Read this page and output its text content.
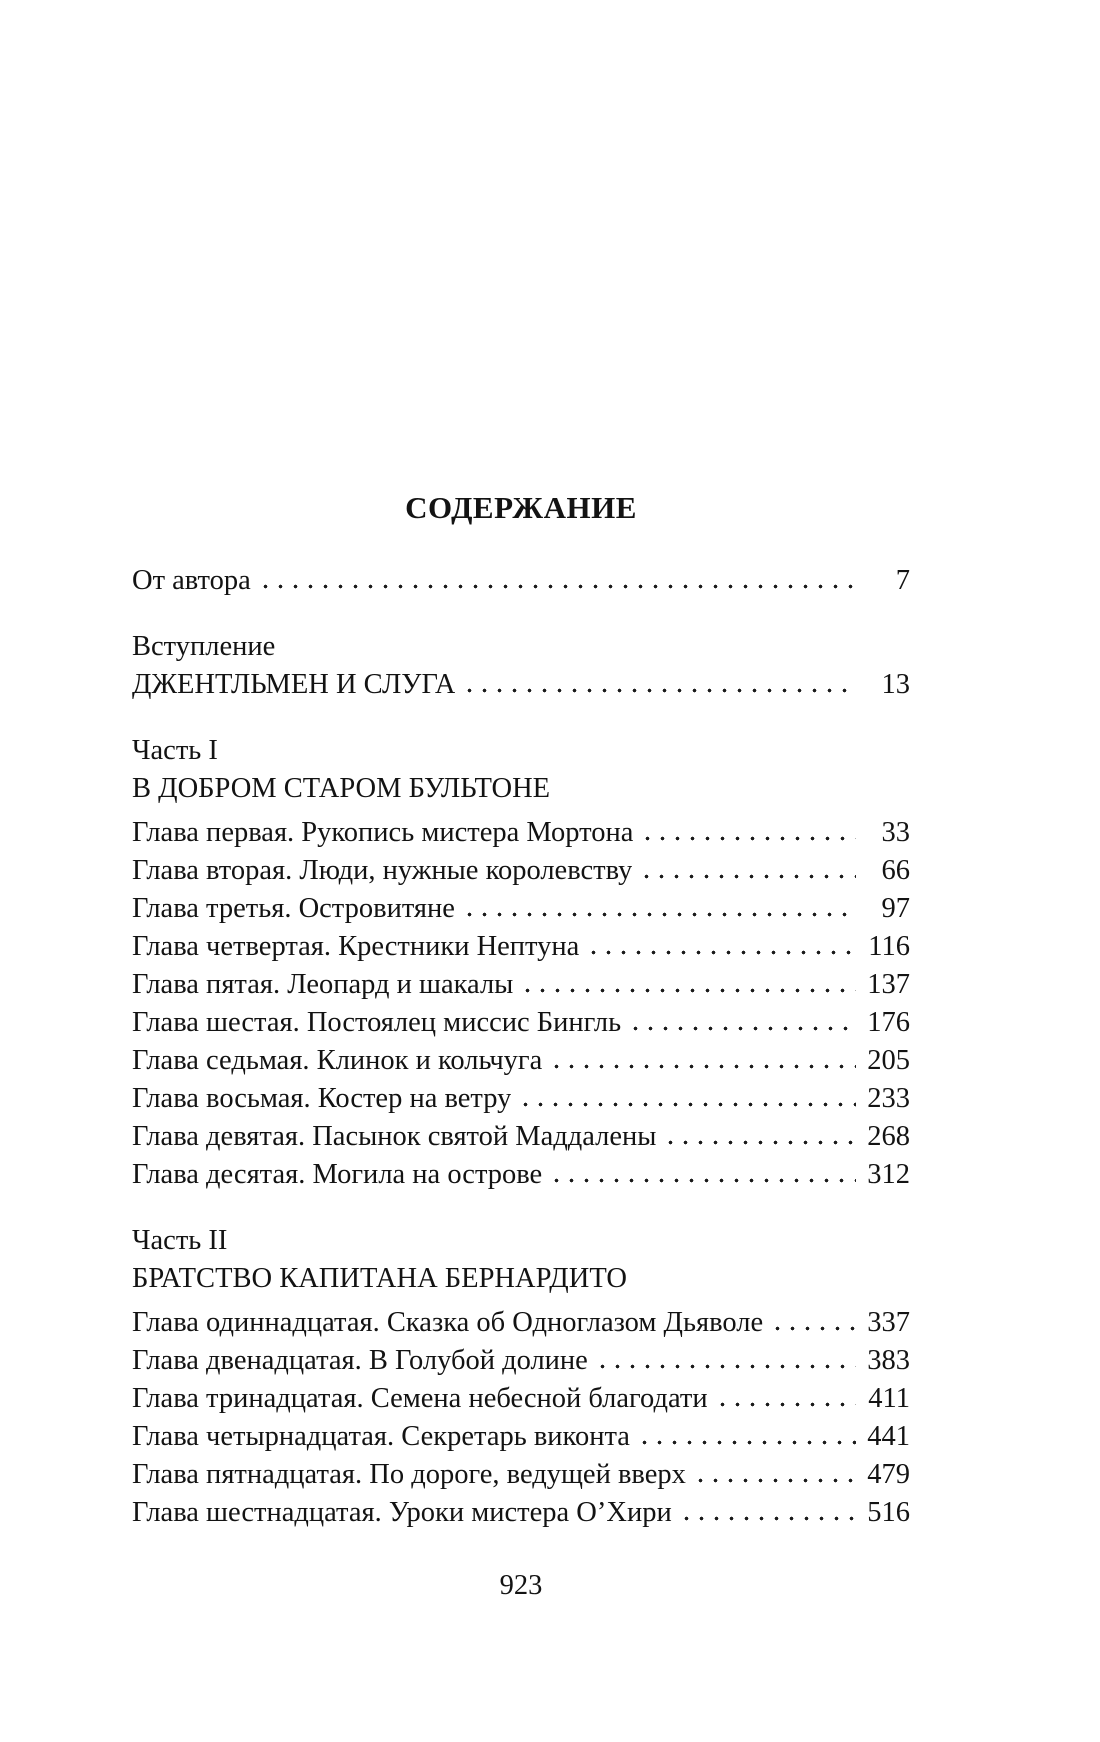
СОДЕРЖАНИЕ
От автора	7
Вступление
ДЖЕНТЛЬМЕН И СЛУГА	13
Часть I
В ДОБРОМ СТАРОМ БУЛЬТОНЕ
Глава первая. Рукопись мистера Мортона	33
Глава вторая. Люди, нужные королевству	66
Глава третья. Островитяне	97
Глава четвертая. Крестники Нептуна	116
Глава пятая. Леопард и шакалы	137
Глава шестая. Постоялец миссис Бингль	176
Глава седьмая. Клинок и кольчуга	205
Глава восьмая. Костер на ветру	233
Глава девятая. Пасынок святой Маддалены	268
Глава десятая. Могила на острове	312
Часть II
БРАТСТВО КАПИТАНА БЕРНАРДИТО
Глава одиннадцатая. Сказка об Одноглазом Дьяволе	337
Глава двенадцатая. В Голубой долине	383
Глава тринадцатая. Семена небесной благодати	411
Глава четырнадцатая. Секретарь виконта	441
Глава пятнадцатая. По дороге, ведущей вверх	479
Глава шестнадцатая. Уроки мистера О’Хири	516
923
